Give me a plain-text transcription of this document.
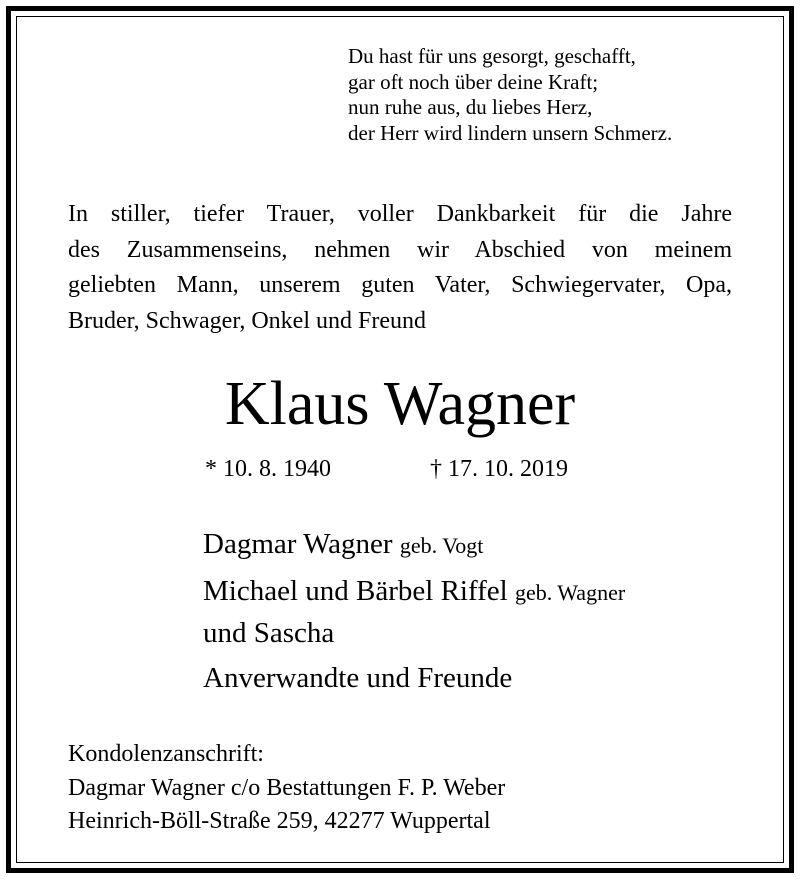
Du hast für uns gesorgt, geschafft,
gar oft noch über deine Kraft;
nun ruhe aus, du liebes Herz,
der Herr wird lindern unsern Schmerz.
In stiller, tiefer Trauer, voller Dankbarkeit für die Jahre
des Zusammenseins, nehmen wir Abschied von meinem
geliebten Mann, unserem guten Vater, Schwiegervater, Opa,
Bruder, Schwager, Onkel und Freund
Klaus Wagner
* 10. 8. 1940	† 17. 10. 2019
Dagmar Wagner geb. Vogt
Michael und Bärbel Riffel geb. Wagner
und Sascha
Anverwandte und Freunde
Kondolenzanschrift:
Dagmar Wagner c/o Bestattungen F. P. Weber
Heinrich-Böll-Straße 259, 42277 Wuppertal
